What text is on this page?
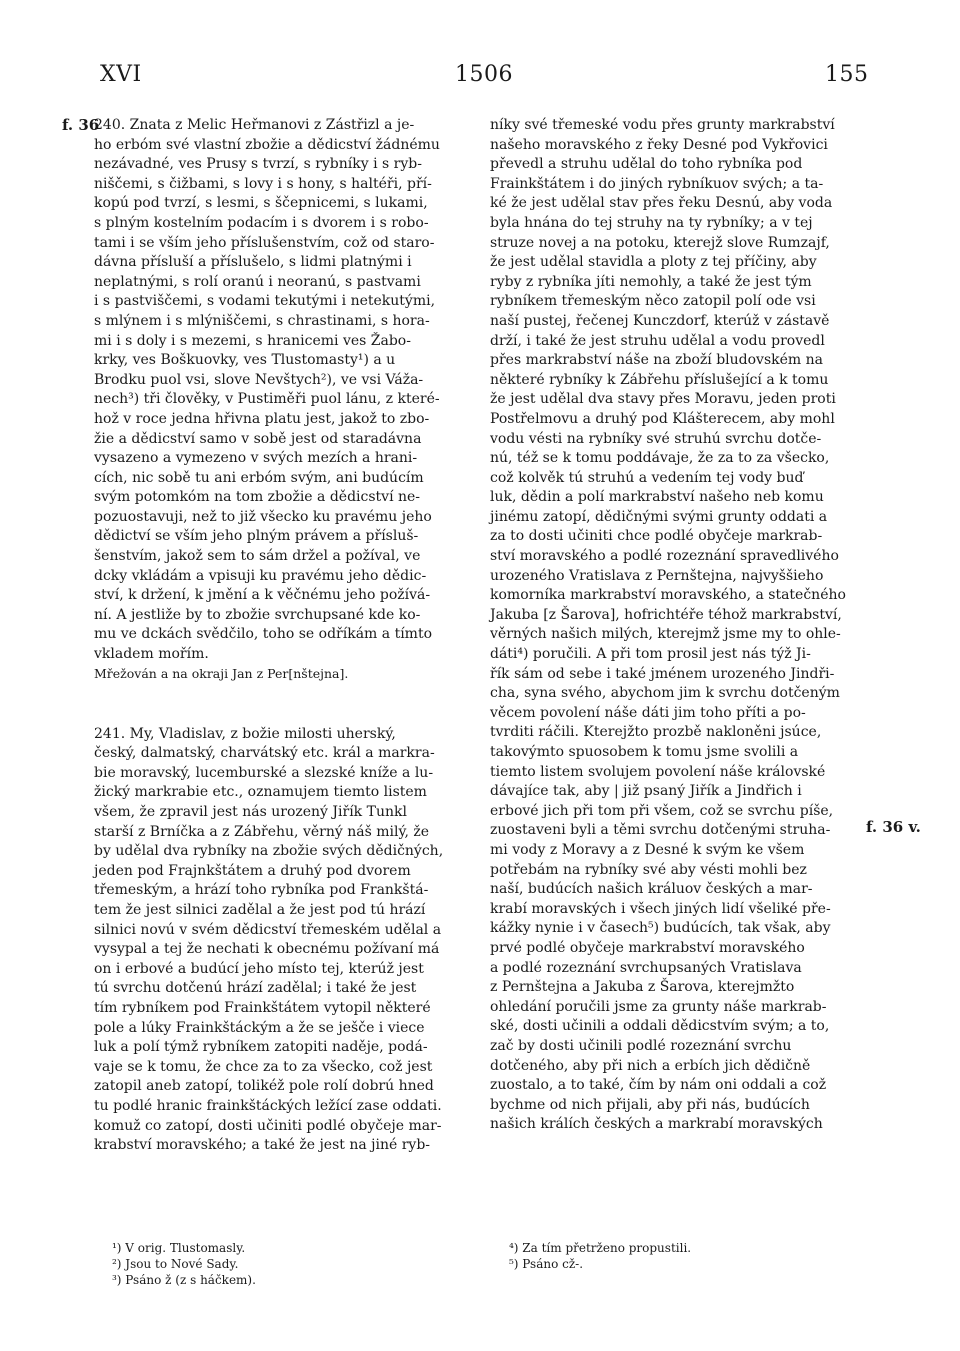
XVI	1506	155
f. 36
f. 36 v.

240. Znata z Melic Heřmanovi z Zástřizl a je-
ho erbóm své vlastní zbožie a dědicství žádnému
nezávadné, ves Prusy s tvrzí, s rybníky i s ryb-
niščemi, s čižbami, s lovy i s hony, s haltéři, pří-
kopú pod tvrzí, s lesmi, s ščepnicemi, s lukami,
s plným kostelním podacím i s dvorem i s robo-
tami i se vším jeho příslušenstvím, což od staro-
dávna přísluší a příslušelo, s lidmi platnými i
neplatnými, s rolí oranú i neoranú, s pastvami
i s pastviščemi, s vodami tekutými i netekutými,
s mlýnem i s mlýniščemi, s chrastinami, s hora-
mi i s doly i s mezemi, s hranicemi ves Žabo-
krky, ves Boškuovky, ves Tlustomasty¹) a u
Brodku puol vsi, slove Nevštych²), ve vsi Váža-
nech³) tři člověky, v Pustiměři puol lánu, z které-
hož v roce jedna hřivna platu jest, jakož to zbo-
žie a dědicství samo v sobě jest od staradávna
vysazeno a vymezeno v svých mezích a hrani-
cích, nic sobě tu ani erbóm svým, ani budúcím
svým potomkóm na tom zbožie a dědicství ne-
pozuostavuji, než to již všecko ku pravému jeho
dědictví se vším jeho plným právem a přísluš-
šenstvím, jakož sem to sám držel a požíval, ve
dcky vkládám a vpisuji ku pravému jeho dědic-
ství, k držení, k jmění a k věčnému jeho požívá-
ní. A jestliže by to zbožie svrchupsané kde ko-
mu ve dckách svědčilo, toho se odříkám a tímto
vkladem mořím.

Mřežován a na okraji Jan z Per[nštejna].

241. My, Vladislav, z božie milosti uherský,
český, dalmatský, charvátský etc. král a markra-
bie moravský, lucemburské a slezské kníže a lu-
žický markrabie etc., oznamujem tiemto listem
všem, že zpravil jest nás urozený Jiřík Tunkl
starší z Brníčka a z Zábřehu, věrný náš milý, že
by udělal dva rybníky na zbožie svých dědičných,
jeden pod Frajnkštátem a druhý pod dvorem
třemeským, a hrází toho rybníka pod Frankštá-
tem že jest silnici zadělal a že jest pod tú hrází
silnici novú v svém dědicství třemeském udělal a
vysypal a tej že nechati k obecnému požívaní má
on i erbové a budúcí jeho místo tej, kterúž jest
tú svrchu dotčenú hrází zadělal; i také že jest
tím rybníkem pod Frainkštátem vytopil některé
pole a lúky Frainkštáckým a že se ješče i viece
luk a polí týmž rybníkem zatopiti naděje, podá-
vaje se k tomu, že chce za to za všecko, což jest
zatopil aneb zatopí, tolikéž pole rolí dobrú hned
tu podlé hranic frainkštáckých ležící zase oddati.
komuž co zatopí, dosti učiniti podlé obyčeje mar-
krabství moravského; a také že jest na jiné ryb-

níky své třemeské vodu přes grunty markrabství
našeho moravského z řeky Desné pod Vykřovici
převedl a struhu udělal do toho rybníka pod
Frainkštátem i do jiných rybníkuov svých; a ta-
ké že jest udělal stav přes řeku Desnú, aby voda
byla hnána do tej struhy na ty rybníky; a v tej
struze novej a na potoku, kterejž slove Rumzajf,
že jest udělal stavidla a ploty z tej příčiny, aby
ryby z rybníka jíti nemohly, a také že jest tým
rybníkem třemeským něco zatopil polí ode vsi
naší pustej, řečenej Kunczdorf, kterúž v zástavě
drží, i také že jest struhu udělal a vodu provedl
přes markrabství náše na zboží bludovském na
některé rybníky k Zábřehu příslušející a k tomu
že jest udělal dva stavy přes Moravu, jeden proti
Postřelmovu a druhý pod Klášterecem, aby mohl
vodu vésti na rybníky své struhú svrchu dotče-
nú, též se k tomu poddávaje, že za to za všecko,
což kolvěk tú struhú a vedením tej vody buď
luk, dědin a polí markrabství našeho neb komu
jinému zatopí, dědičnými svými grunty oddati a
za to dosti učiniti chce podlé obyčeje markrab-
ství moravského a podlé rozeznání spravedlivého
urozeného Vratislava z Pernštejna, najvyššieho
komorníka markrabství moravského, a statečného
Jakuba [z Šarova], hofrichtéře téhož markrabství,
věrných našich milých, kterejmž jsme my to ohle-
dáti⁴) poručili. A při tom prosil jest nás týž Ji-
řík sám od sebe i také jménem urozeného Jindři-
cha, syna svého, abychom jim k svrchu dotčeným
věcem povolení náše dáti jim toho příti a po-
tvrditi ráčili. Kterejžto prozbě nakloněni jsúce,
takovýmto spuosobem k tomu jsme svolili a
tiemto listem svolujem povolení náše královské
dávajíce tak, aby | již psaný Jiřík a Jindřich i
erbové jich při tom při všem, což se svrchu píše,
zuostaveni byli a těmi svrchu dotčenými struha-
mi vody z Moravy a z Desné k svým ke všem
potřebám na rybníky své aby vésti mohli bez
naší, budúcích našich králuov českých a mar-
krabí moravských i všech jiných lidí všeliké pře-
kážky nynie i v časech⁵) budúcích, tak však, aby
prvé podlé obyčeje markrabství moravského
a podlé rozeznání svrchupsaných Vratislava
z Pernštejna a Jakuba z Šarova, kterejmžto
ohledání poručili jsme za grunty náše markrab-
ské, dosti učinili a oddali dědicstvím svým; a to,
zač by dosti učinili podlé rozeznání svrchu
dotčeného, aby při nich a erbích jich dědičně
zuostalo, a to také, čím by nám oni oddali a což
bychme od nich přijali, aby při nás, budúcích
našich králích českých a markrabí moravských

¹) V orig. Tlustomasly.
²) Jsou to Nové Sady.
³) Psáno ž (z s háčkem).
⁴) Za tím přetrženo propustili.
⁵) Psáno cž-.
